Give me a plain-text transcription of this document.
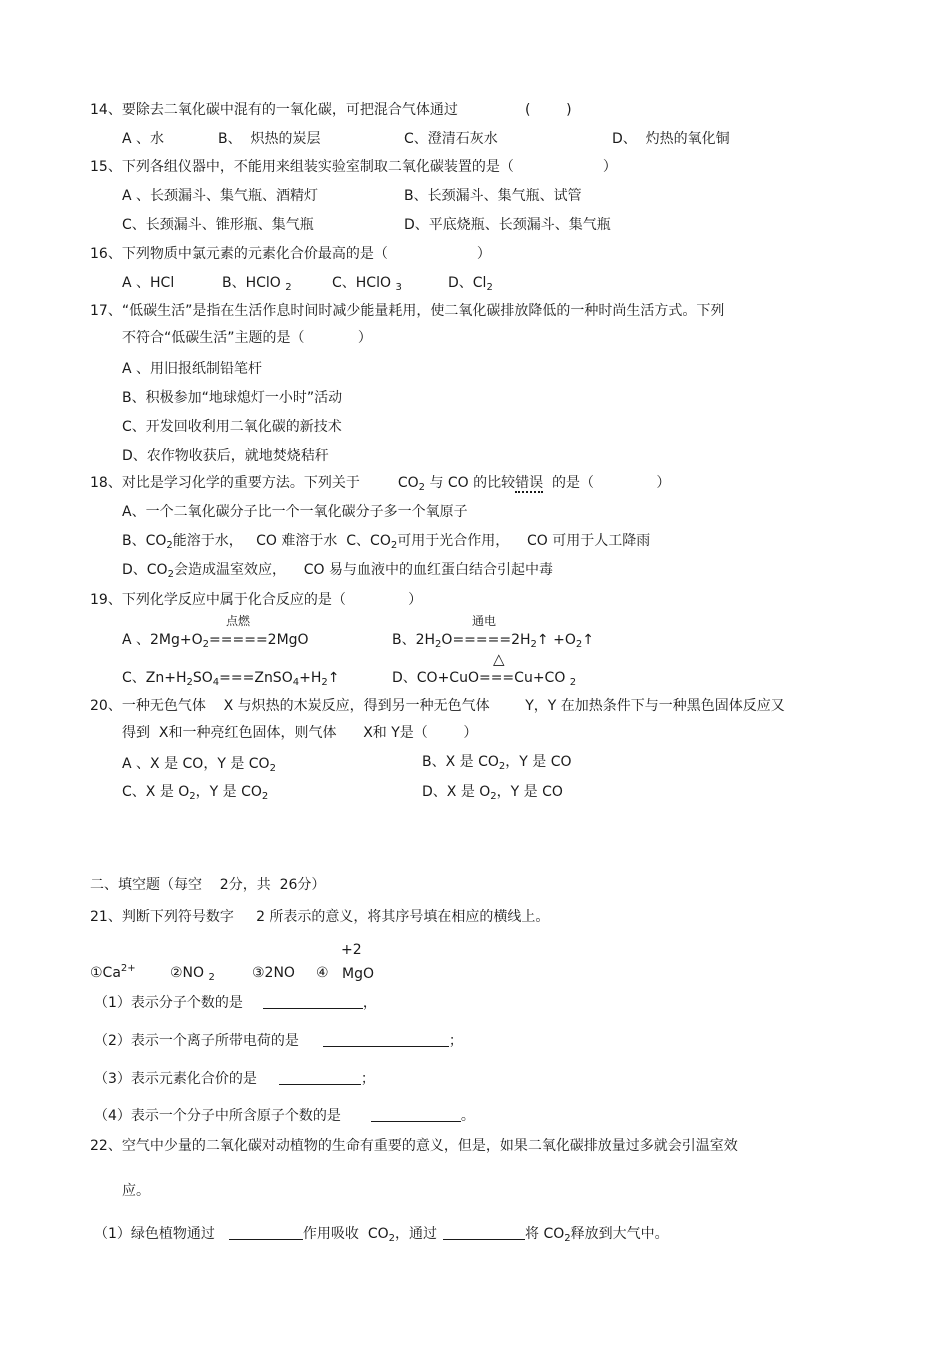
14、要除去二氧化碳中混有的一氧化碳，可把混合气体通过	(        )
A 、水	B、  炽热的炭层	C、澄清石灰水	D、  灼热的氧化铜
15、下列各组仪器中，不能用来组装实验室制取二氧化碳装置的是（                    ）
A 、长颈漏斗、集气瓶、酒精灯	B、长颈漏斗、集气瓶、试管
C、长颈漏斗、锥形瓶、集气瓶	D、平底烧瓶、长颈漏斗、集气瓶
16、下列物质中氯元素的元素化合价最高的是（                    ）
A 、HCl	B、HClO $_2$	C、HClO $_3$	D、$Cl_2$
17、“低碳生活”是指在生活作息时间时减少能量耗用，使二氧化碳排放降低的一种时尚生活方式。下列
不符合“低碳生活”主题的是（            ）
A 、用旧报纸制铅笔杆
B、积极参加“地球熄灯一小时”活动
C、开发回收利用二氧化碳的新技术
D、农作物收获后，就地焚烧秸秆
18、对比是学习化学的重要方法。下列关于	$CO_2$ 与 CO 的比较错误  的是（              ）
A、一个二氧化碳分子比一个一氧化碳分子多一个氧原子
B、$CO_2$能溶于水，   CO 难溶于水  C、$CO_2$可用于光合作用，    CO 可用于人工降雨
D、$CO_2$会造成温室效应，    CO 易与血液中的血红蛋白结合引起中毒
19、下列化学反应中属于化合反应的是（              ）
点燃	通电
A 、$2Mg+O_2=====2MgO$	B、$2H_2O=====2H_2↑$ $+O_2↑$
△
C、$Zn+H_2SO_4===ZnSO_4+H_2↑$	D、CO+CuO===Cu+CO $_2$
20、一种无色气体    X 与炽热的木炭反应，得到另一种无色气体        Y，Y 在加热条件下与一种黑色固体反应又
得到  X和一种亮红色固体，则气体      X和 Y是（        ）
A 、X 是 CO，Y 是 $CO_2$	B、X 是 $CO_2$，Y 是 CO
C、X 是 $O_2$，Y 是 $CO_2$	D、X 是 $O_2$，Y 是 CO
二、填空题（每空    2分，共  26分）
21、判断下列符号数字     2 所表示的意义，将其序号填在相应的横线上。
+2
$①Ca^{2+}$ ②NO $_2$	③2NO ④ MgO
（1）表示分子个数的是	，
（2）表示一个离子所带电荷的是	；
（3）表示元素化合价的是	；
（4）表示一个分子中所含原子个数的是	。
22、空气中少量的二氧化碳对动植物的生命有重要的意义，但是，如果二氧化碳排放量过多就会引温室效
应。
（1）绿色植物通过	作用吸收  $CO_2$，通过	将 $CO_2$释放到大气中。
